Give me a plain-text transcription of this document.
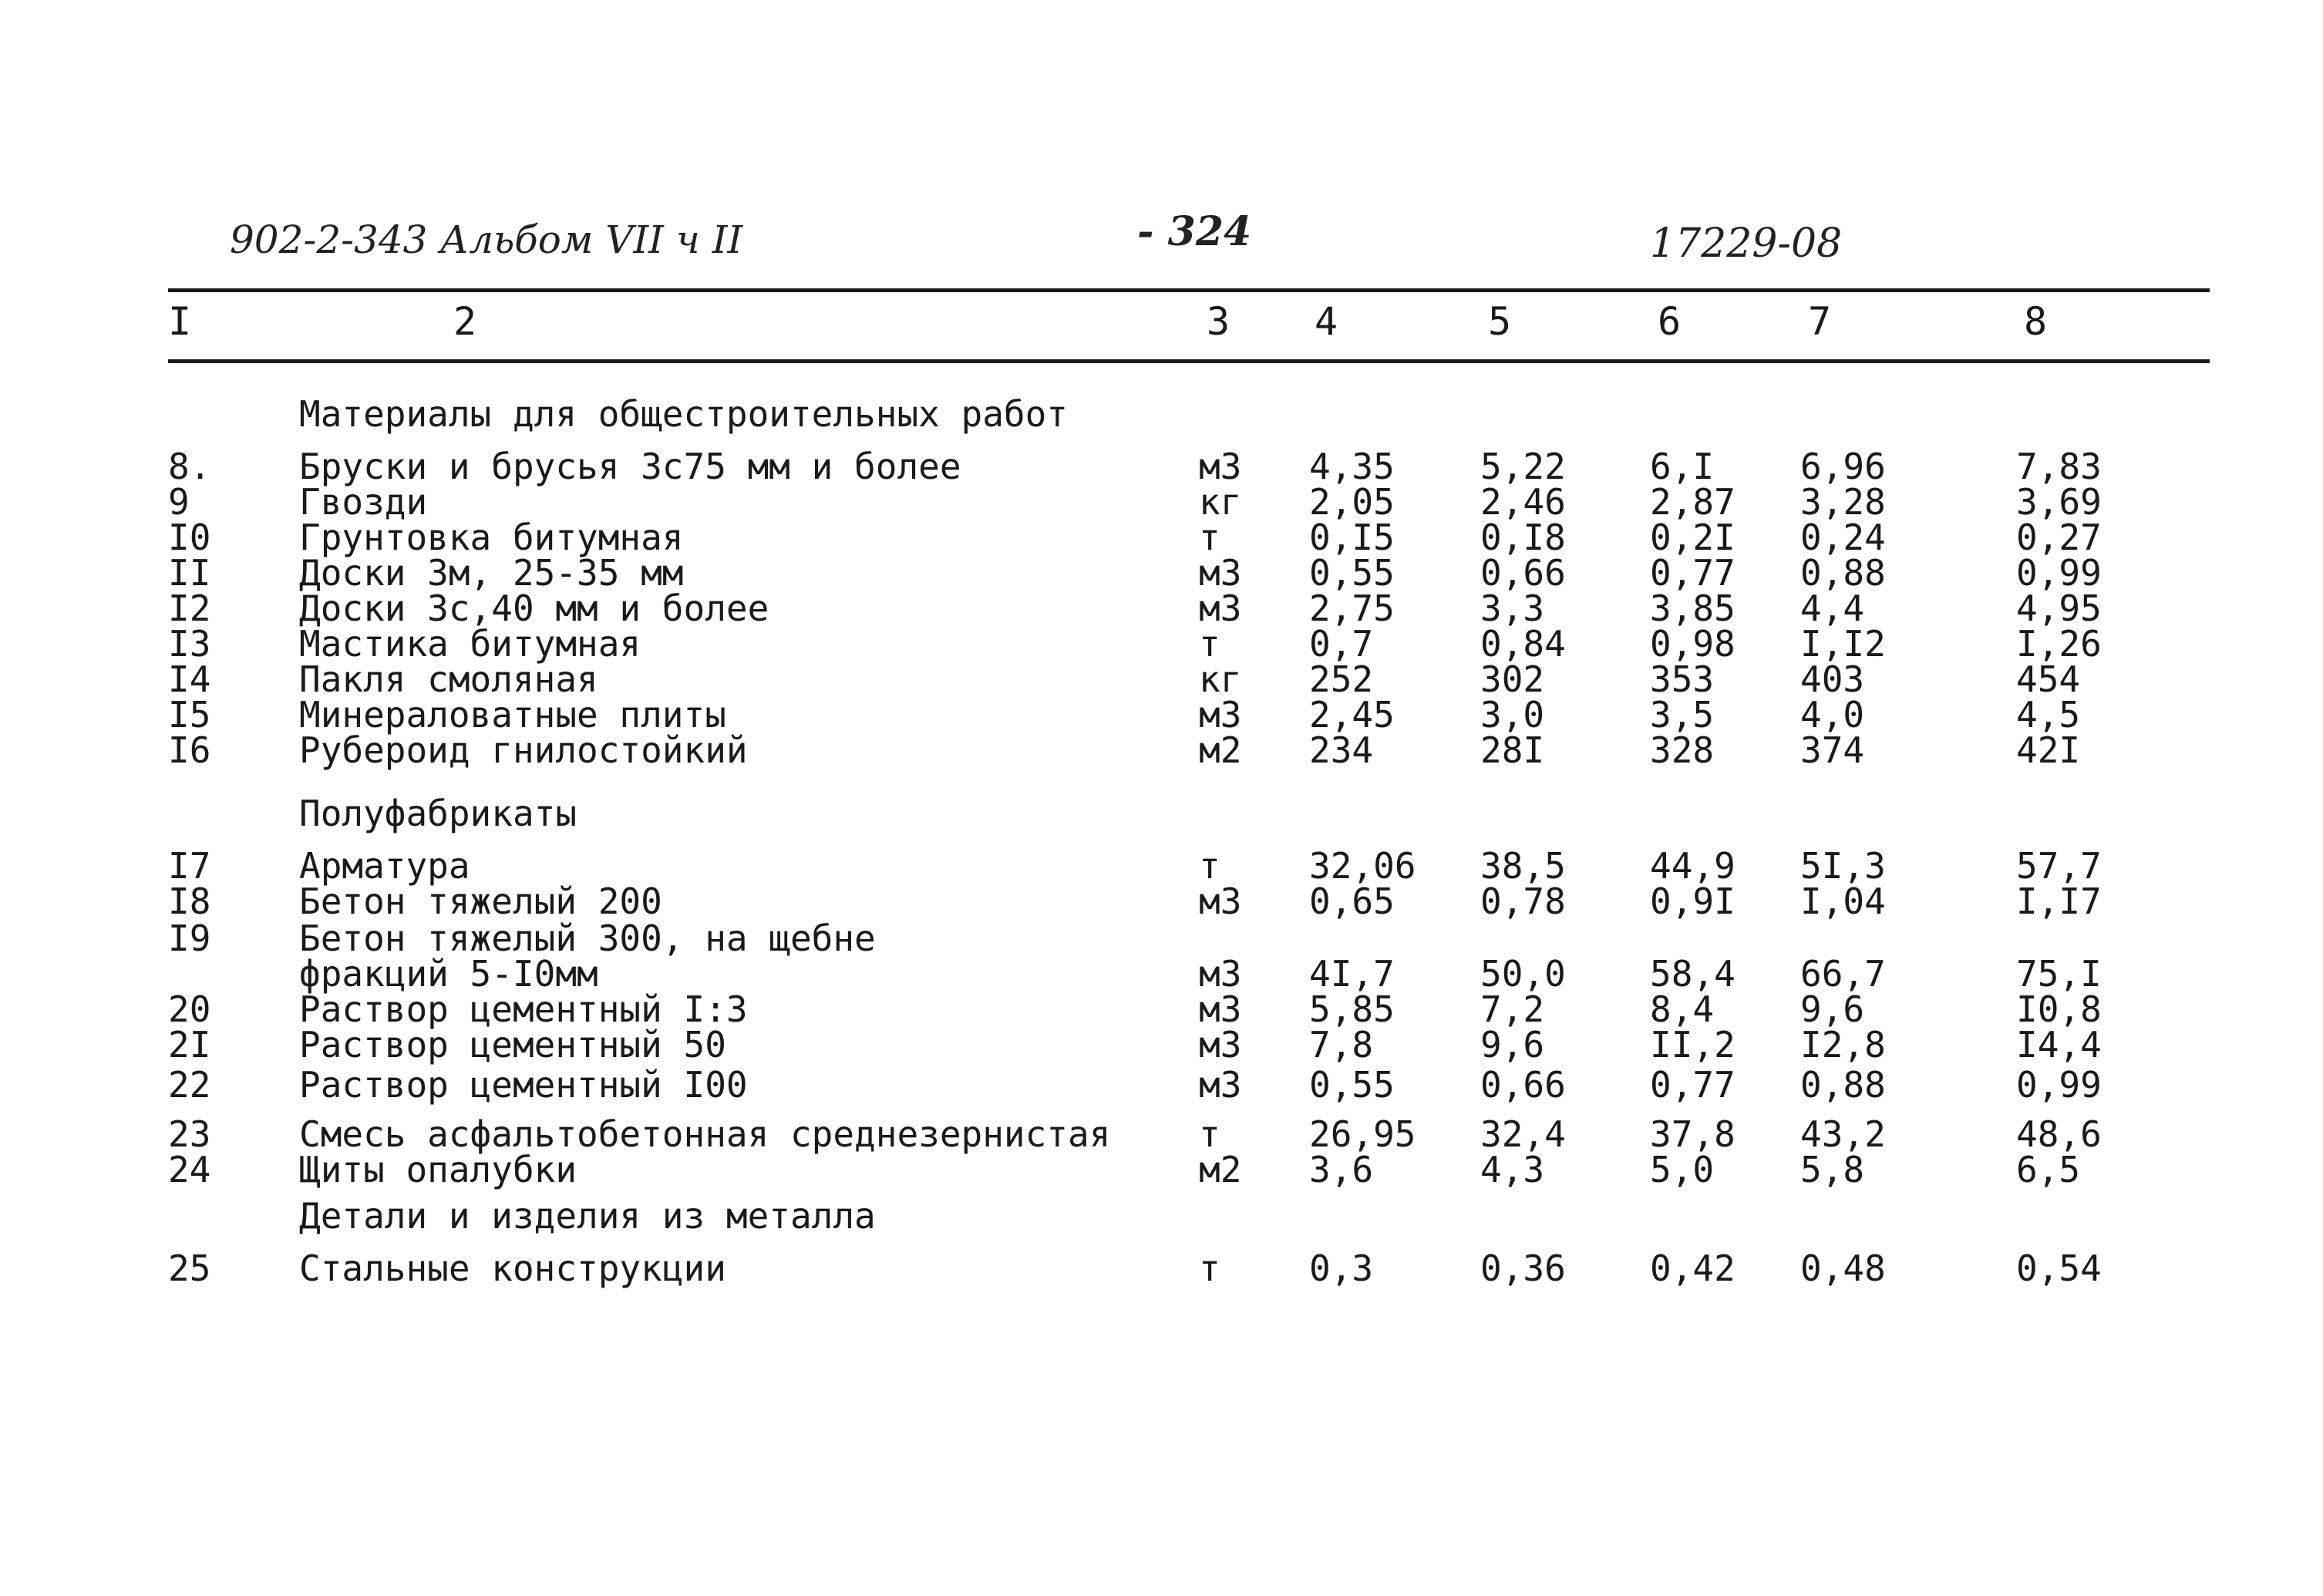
902-2-343 Альбом VII ч II	- 324	17229-08
I	2	3 4	5	6	7	8
Материалы для общестроительных работ
8. Бруски и брусья 3с75 мм и более	м3 4,35 5,22 6,I 6,96	7,83
9	Гвозди	кг 2,05 2,46 2,87 3,28	3,69
I0 Грунтовка битумная	т	0,I5 0,I8 0,2I 0,24	0,27
II Доски 3м, 25-35 мм	м3 0,55 0,66 0,77 0,88	0,99
I2 Доски 3с,40 мм и более	м3 2,75 3,3	3,85 4,4	4,95
I3 Мастика битумная	т	0,7	0,84 0,98 I,I2	I,26
I4 Пакля смоляная	кг 252	302	353 403	454
I5 Минераловатные плиты	м3 2,45 3,0	3,5 4,0	4,5
I6 Рубероид гнилостойкий	м2 234	28I	328 374	42I
Полуфабрикаты
I7 Арматура	т	32,06 38,5 44,9 5I,3	57,7
I8 Бетон тяжелый 200	м3 0,65 0,78 0,9I I,04	I,I7
I9 Бетон тяжелый 300, на щебне
фракций 5-I0мм	м3 4I,7 50,0 58,4 66,7	75,I
20 Раствор цементный I:3	м3 5,85 7,2	8,4 9,6	I0,8
2I Раствор цементный 50	м3 7,8	9,6	II,2 I2,8	I4,4
22 Раствор цементный I00	м3 0,55 0,66 0,77 0,88	0,99
23 Смесь асфальтобетонная среднезернистая т	26,95 32,4 37,8 43,2	48,6
24 Щиты опалубки	м2 3,6	4,3	5,0 5,8	6,5
Детали и изделия из металла
25 Стальные конструкции	т	0,3	0,36 0,42 0,48	0,54
